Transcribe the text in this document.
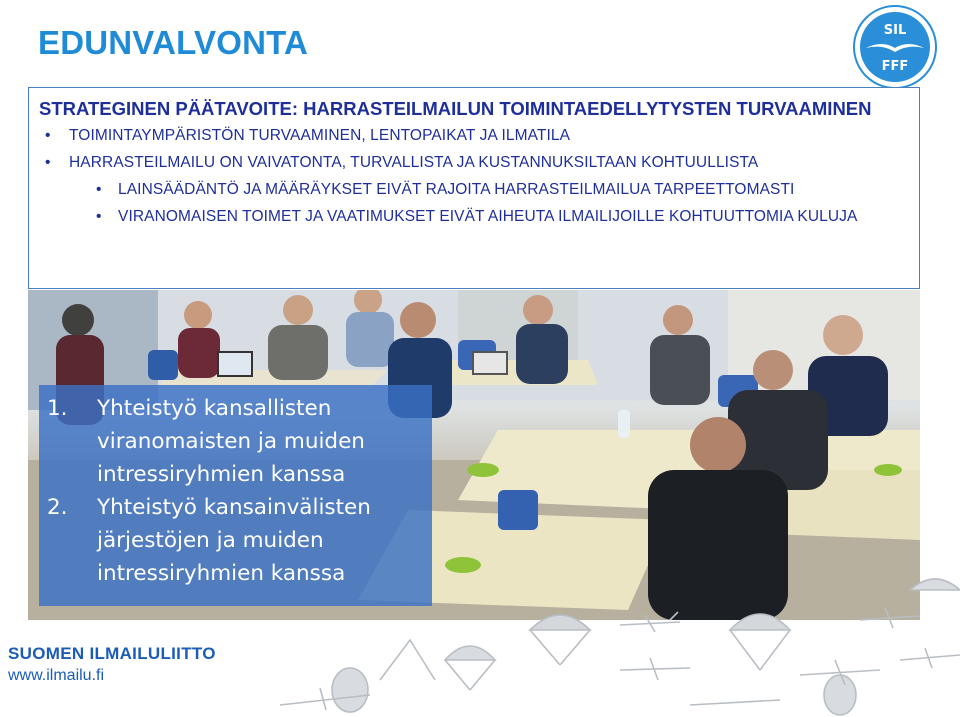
EDUNVALVONTA	SIL
FFF
STRATEGINEN PÄÄTAVOITE: HARRASTEILMAILUN TOIMINTAEDELLYTYSTEN TURVAAMINEN
• TOIMINTAYMPÄRISTÖN TURVAAMINEN, LENTOPAIKAT JA ILMATILA
• HARRASTEILMAILU ON VAIVATONTA, TURVALLISTA JA KUSTANNUKSILTAAN KOHTUULLISTA
• LAINSÄÄDÄNTÖ JA MÄÄRÄYKSET EIVÄT RAJOITA HARRASTEILMAILUA TARPEETTOMASTI
• VIRANOMAISEN TOIMET JA VAATIMUKSET EIVÄT AIHEUTA ILMAILIJOILLE KOHTUUTTOMIA KULUJA
1. Yhteistyö kansallisten viranomaisten ja muiden intressiryhmien kanssa
2. Yhteistyö kansainvälisten järjestöjen ja muiden intressiryhmien kanssa
SUOMEN ILMAILULIITTO
www.ilmailu.fi
